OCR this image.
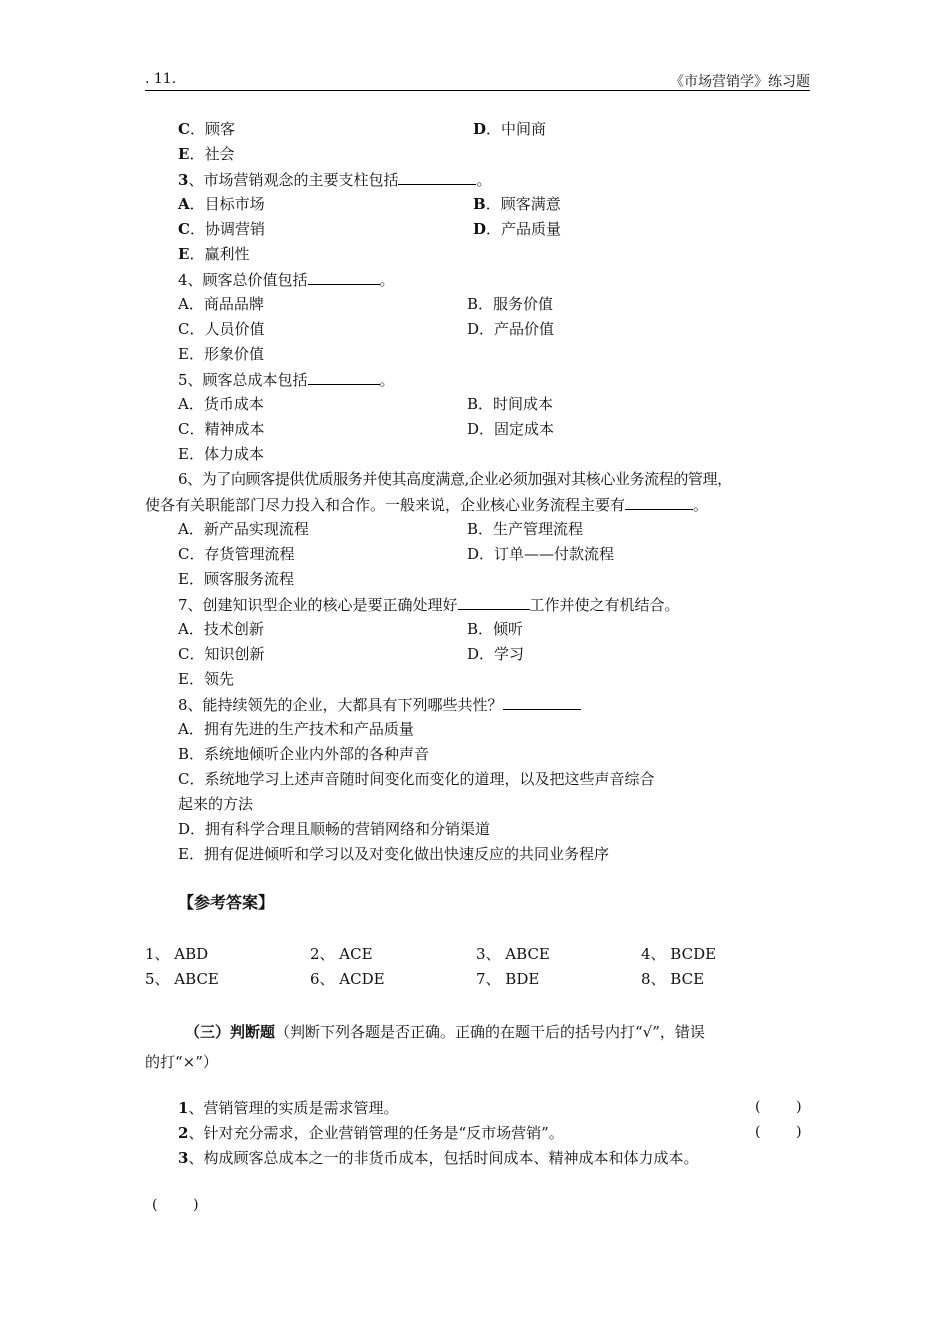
. 11.	《市场营销学》练习题
C．顾客	D．中间商
E．社会
3、市场营销观念的主要支柱包括	。
A．目标市场	B．顾客满意
C．协调营销	D．产品质量
E．赢利性
4、顾客总价值包括	。
A．商品品牌	B．服务价值
C．人员价值	D．产品价值
E．形象价值
5、顾客总成本包括	。
A．货币成本	B．时间成本
C．精神成本	D．固定成本
E．体力成本
6、为了向顾客提供优质服务并使其高度满意,企业必须加强对其核心业务流程的管理，
使各有关职能部门尽力投入和合作。一般来说，企业核心业务流程主要有	。
A．新产品实现流程	B．生产管理流程
C．存货管理流程	D．订单——付款流程
E．顾客服务流程
7、创建知识型企业的核心是要正确处理好	工作并使之有机结合。
A．技术创新	B．倾听
C．知识创新	D．学习
E．领先
8、能持续领先的企业，大都具有下列哪些共性？
A．拥有先进的生产技术和产品质量
B．系统地倾听企业内外部的各种声音
C．系统地学习上述声音随时间变化而变化的道理，以及把这些声音综合
起来的方法
D．拥有科学合理且顺畅的营销网络和分销渠道
E．拥有促进倾听和学习以及对变化做出快速反应的共同业务程序
【参考答案】
1、 ABD	2、 ACE	3、 ABCE	4、 BCDE
5、 ABCE	6、 ACDE	7、 BDE	8、 BCE
（三）判断题（判断下列各题是否正确。正确的在题干后的括号内打“√”，错误
的打“×”）
1、营销管理的实质是需求管理。	(        )
2、针对充分需求，企业营销管理的任务是“反市场营销”。	(        )
3、构成顾客总成本之一的非货币成本，包括时间成本、精神成本和体力成本。
(        )
